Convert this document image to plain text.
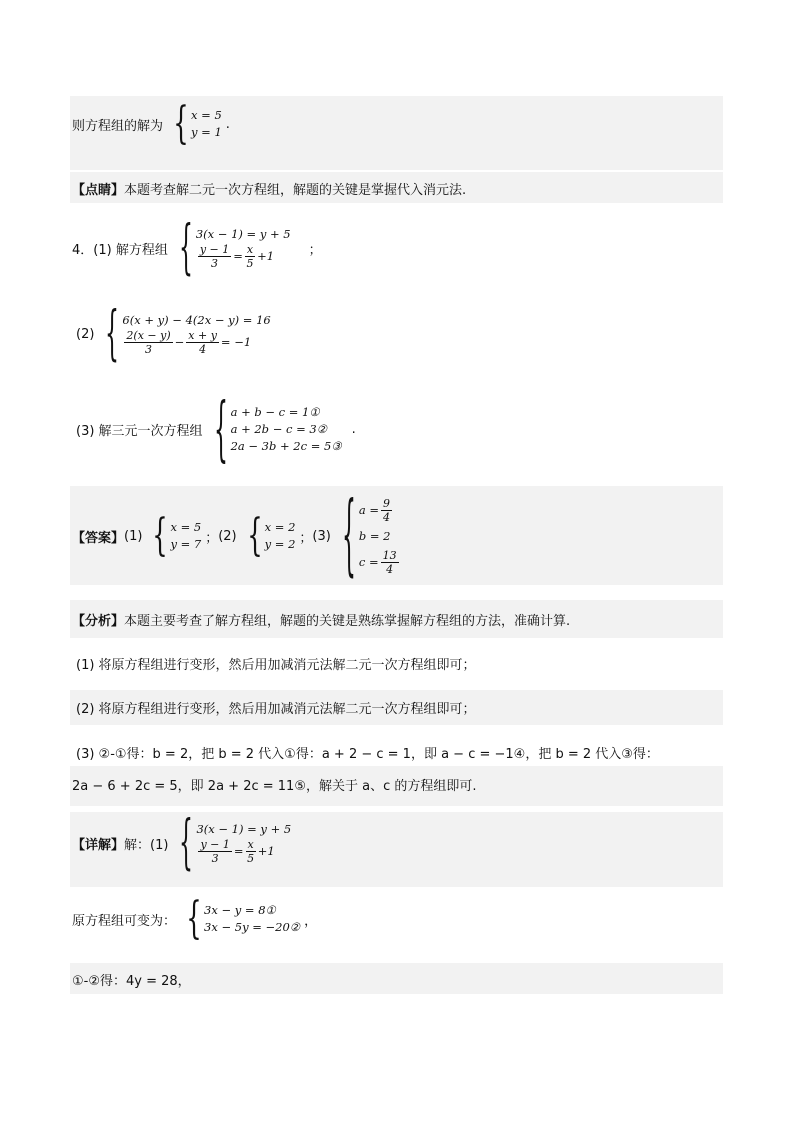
则方程组的解为 { x = 5
y = 1
.
【点睛】 本题考查解二元一次方程组，解题的关键是掌握代入消元法.
4．(1) 解方程组 { 3(x − 1) = y + 5
$\frac{y - 1}{3} = \frac{x}{5} +1$	；
(2) { 6(x + y) − 4(2x − y) = 16
$\frac{2(x - y)}{3} - \frac{x + y}{4} = -1$
(3) 解三元一次方程组 { a + b − c = 1①
a + 2b − c = 3②
2a − 3b + 2c = 5③
.
【答案】 (1) { x = 5
y = 7 ； (2) { x = 2
y = 2 ； (3) { $a = \frac{9}{4}$
b = 2
$c = \frac{13}{4}$
【分析】 本题主要考查了解方程组，解题的关键是熟练掌握解方程组的方法，准确计算.
(1) 将原方程组进行变形，然后用加减消元法解二元一次方程组即可；
(2) 将原方程组进行变形，然后用加减消元法解二元一次方程组即可；
(3) ②-①得：b = 2，把 b = 2 代入①得：a + 2 − c = 1，即 a − c = −1④，把 b = 2 代入③得：
2a − 6 + 2c = 5，即 2a + 2c = 11⑤，解关于 a、c 的方程组即可.
【详解】 解：(1) { 3(x − 1) = y + 5
$\frac{y - 1}{3} = \frac{x}{5} +1$
原方程组可变为： { 3x − y = 8①
3x − 5y = −20② ，
①-②得：4y = 28，
